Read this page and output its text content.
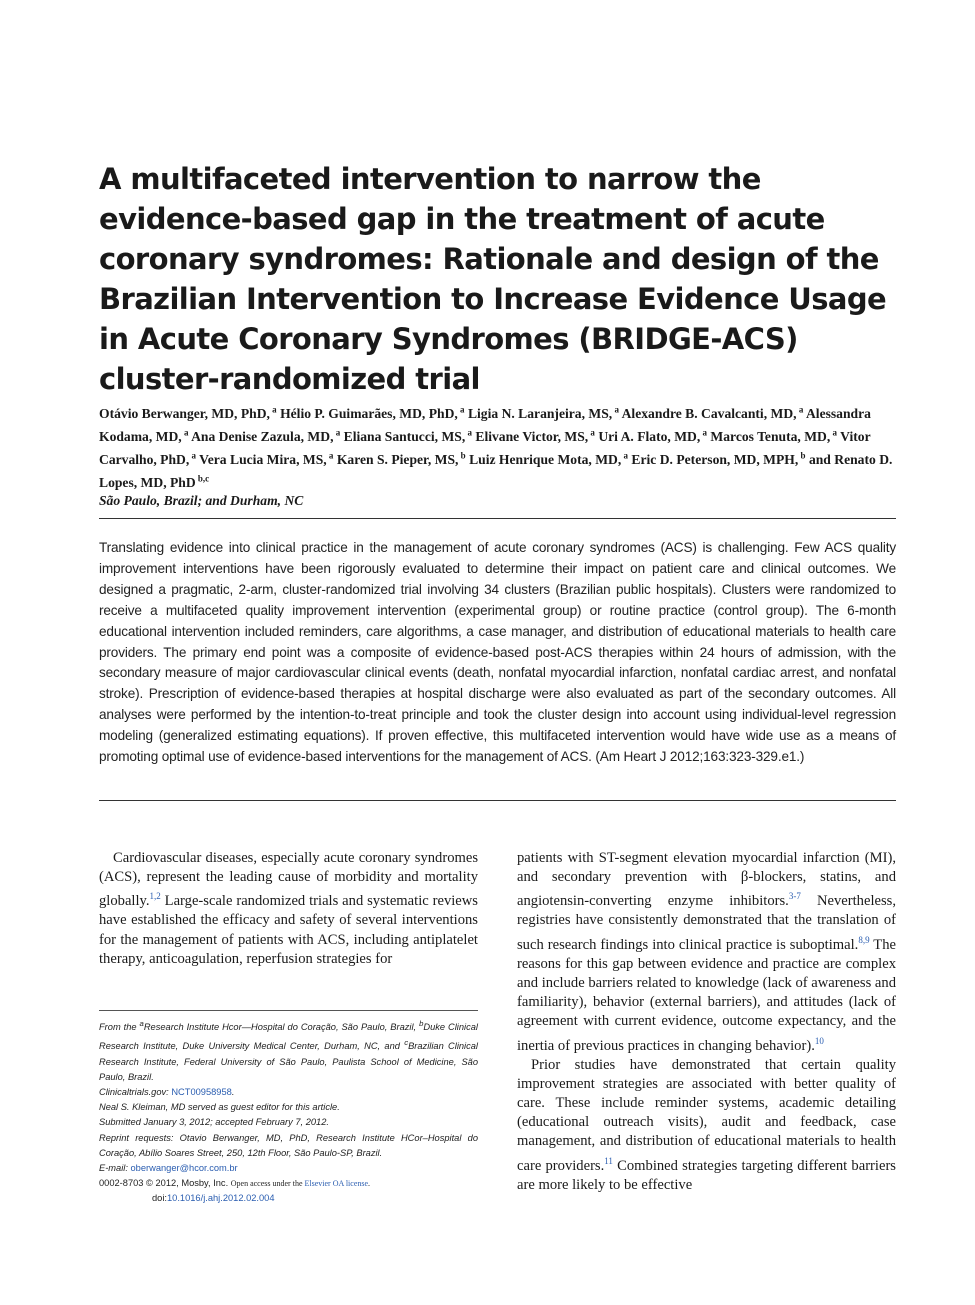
A multifaceted intervention to narrow the evidence-based gap in the treatment of acute coronary syndromes: Rationale and design of the Brazilian Intervention to Increase Evidence Usage in Acute Coronary Syndromes (BRIDGE-ACS) cluster-randomized trial
Otávio Berwanger, MD, PhD, $^a$ Hélio P. Guimarães, MD, PhD, $^a$ Ligia N. Laranjeira, MS, $^a$ Alexandre B. Cavalcanti, MD, $^a$ Alessandra Kodama, MD, $^a$ Ana Denise Zazula, MD, $^a$ Eliana Santucci, MS, $^a$ Elivane Victor, MS, $^a$ Uri A. Flato, MD, $^a$ Marcos Tenuta, MD, $^a$ Vitor Carvalho, PhD, $^a$ Vera Lucia Mira, MS, $^a$ Karen S. Pieper, MS, $^b$ Luiz Henrique Mota, MD, $^a$ Eric D. Peterson, MD, MPH, $^b$ and Renato D. Lopes, MD, PhD $^{b,c}$
São Paulo, Brazil; and Durham, NC
Translating evidence into clinical practice in the management of acute coronary syndromes (ACS) is challenging. Few ACS quality improvement interventions have been rigorously evaluated to determine their impact on patient care and clinical outcomes. We designed a pragmatic, 2-arm, cluster-randomized trial involving 34 clusters (Brazilian public hospitals). Clusters were randomized to receive a multifaceted quality improvement intervention (experimental group) or routine practice (control group). The 6-month educational intervention included reminders, care algorithms, a case manager, and distribution of educational materials to health care providers. The primary end point was a composite of evidence-based post-ACS therapies within 24 hours of admission, with the secondary measure of major cardiovascular clinical events (death, nonfatal myocardial infarction, nonfatal cardiac arrest, and nonfatal stroke). Prescription of evidence-based therapies at hospital discharge were also evaluated as part of the secondary outcomes. All analyses were performed by the intention-to-treat principle and took the cluster design into account using individual-level regression modeling (generalized estimating equations). If proven effective, this multifaceted intervention would have wide use as a means of promoting optimal use of evidence-based interventions for the management of ACS. (Am Heart J 2012;163:323-329.e1.)

Cardiovascular diseases, especially acute coronary syndromes (ACS), represent the leading cause of morbidity and mortality globally.$^{1,2}$ Large-scale randomized trials and systematic reviews have established the efficacy and safety of several interventions for the management of patients with ACS, including antiplatelet therapy, anticoagulation, reperfusion strategies for

From the $^a$Research Institute Hcor—Hospital do Coração, São Paulo, Brazil, $^b$Duke Clinical Research Institute, Duke University Medical Center, Durham, NC, and $^c$Brazilian Clinical Research Institute, Federal University of São Paulo, Paulista School of Medicine, São Paulo, Brazil.

Clinicaltrials.gov: NCT00958958.

Neal S. Kleiman, MD served as guest editor for this article.

Submitted January 3, 2012; accepted February 7, 2012.

Reprint requests: Otavio Berwanger, MD, PhD, Research Institute HCor–Hospital do Coração, Abílio Soares Street, 250, 12th Floor, São Paulo-SP, Brazil.

E-mail: oberwanger@hcor.com.br

0002-8703 © 2012, Mosby, Inc. Open access under the Elsevier OA license.

doi:10.1016/j.ahj.2012.02.004

patients with ST-segment elevation myocardial infarction (MI), and secondary prevention with β-blockers, statins, and angiotensin-converting enzyme inhibitors.$^{3-7}$ Nevertheless, registries have consistently demonstrated that the translation of such research findings into clinical practice is suboptimal.$^{8,9}$ The reasons for this gap between evidence and practice are complex and include barriers related to knowledge (lack of awareness and familiarity), behavior (external barriers), and attitudes (lack of agreement with current evidence, outcome expectancy, and the inertia of previous practices in changing behavior).$^{10}$

Prior studies have demonstrated that certain quality improvement strategies are associated with better quality of care. These include reminder systems, academic detailing (educational outreach visits), audit and feedback, case management, and distribution of educational materials to health care providers.$^{11}$ Combined strategies targeting different barriers are more likely to be effective
